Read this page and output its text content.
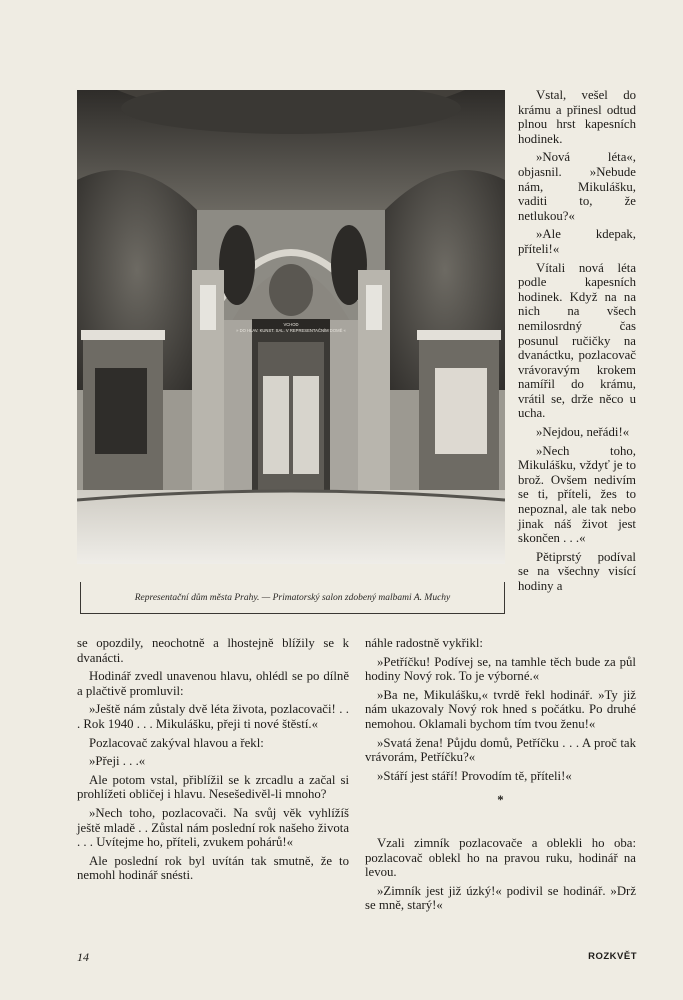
VCHOD
» DO HLAV. KUNST. SAL. V REPRESENTAČNÍM DOMĚ «
Representační dům města Prahy. — Primatorský salon zdobený malbami A. Muchy

Vstal, vešel do krámu a přinesl odtud plnou hrst kapesních hodinek.

»Nová léta«, objasnil. »Nebude nám, Mikulášku, vaditi to, že netlukou?«

»Ale kdepak, příteli!«

Vítali nová léta podle kapesních hodinek. Když na na nich na všech nemilosrdný čas posunul ručičky na dvanáctku, pozlacovač vrávoravým krokem namířil do krámu, vrátil se, drže něco u ucha.

»Nejdou, neřádi!«

»Nech toho, Mikulášku, vždyť je to brož. Ovšem nedivím se ti, příteli, žes to nepoznal, ale tak nebo jinak náš život jest skončen . . .«

Pětiprstý podíval se na všechny visící hodiny a

se opozdily, neochotně a lhostejně blížily se k dvanácti.

Hodinář zvedl unavenou hlavu, ohlédl se po dílně a plačtivě promluvil:

»Ještě nám zůstaly dvě léta života, pozlacovači! . . . Rok 1940 . . . Mikulášku, přeji ti nové štěstí.«

Pozlacovač zakýval hlavou a řekl:

»Přeji . . .«

Ale potom vstal, přiblížil se k zrcadlu a začal si prohlížeti obličej i hlavu. Nesešedivěl-li mnoho?

»Nech toho, pozlacovači. Na svůj věk vyhlížíš ještě mladě . . Zůstal nám poslední rok našeho života . . . Uvítejme ho, příteli, zvukem pohárů!«

Ale poslední rok byl uvítán tak smutně, že to nemohl hodinář snésti.

náhle radostně vykřikl:

»Petříčku! Podívej se, na tamhle těch bude za půl hodiny Nový rok. To je výborné.«

»Ba ne, Mikulášku,« tvrdě řekl hodinář. »Ty již nám ukazovaly Nový rok hned s počátku. Po druhé nemohou. Oklamali bychom tím tvou ženu!«

»Svatá žena! Půjdu domů, Petříčku . . . A proč tak vrávorám, Petříčku?«

»Stáří jest stáří! Provodím tě, příteli!«

*

Vzali zimník pozlacovače a oblekli ho oba: pozlacovač oblekl ho na pravou ruku, hodinář na levou.

»Zimník jest již úzký!« podivil se hodinář. »Drž se mně, starý!«

14	ROZKVĚT
